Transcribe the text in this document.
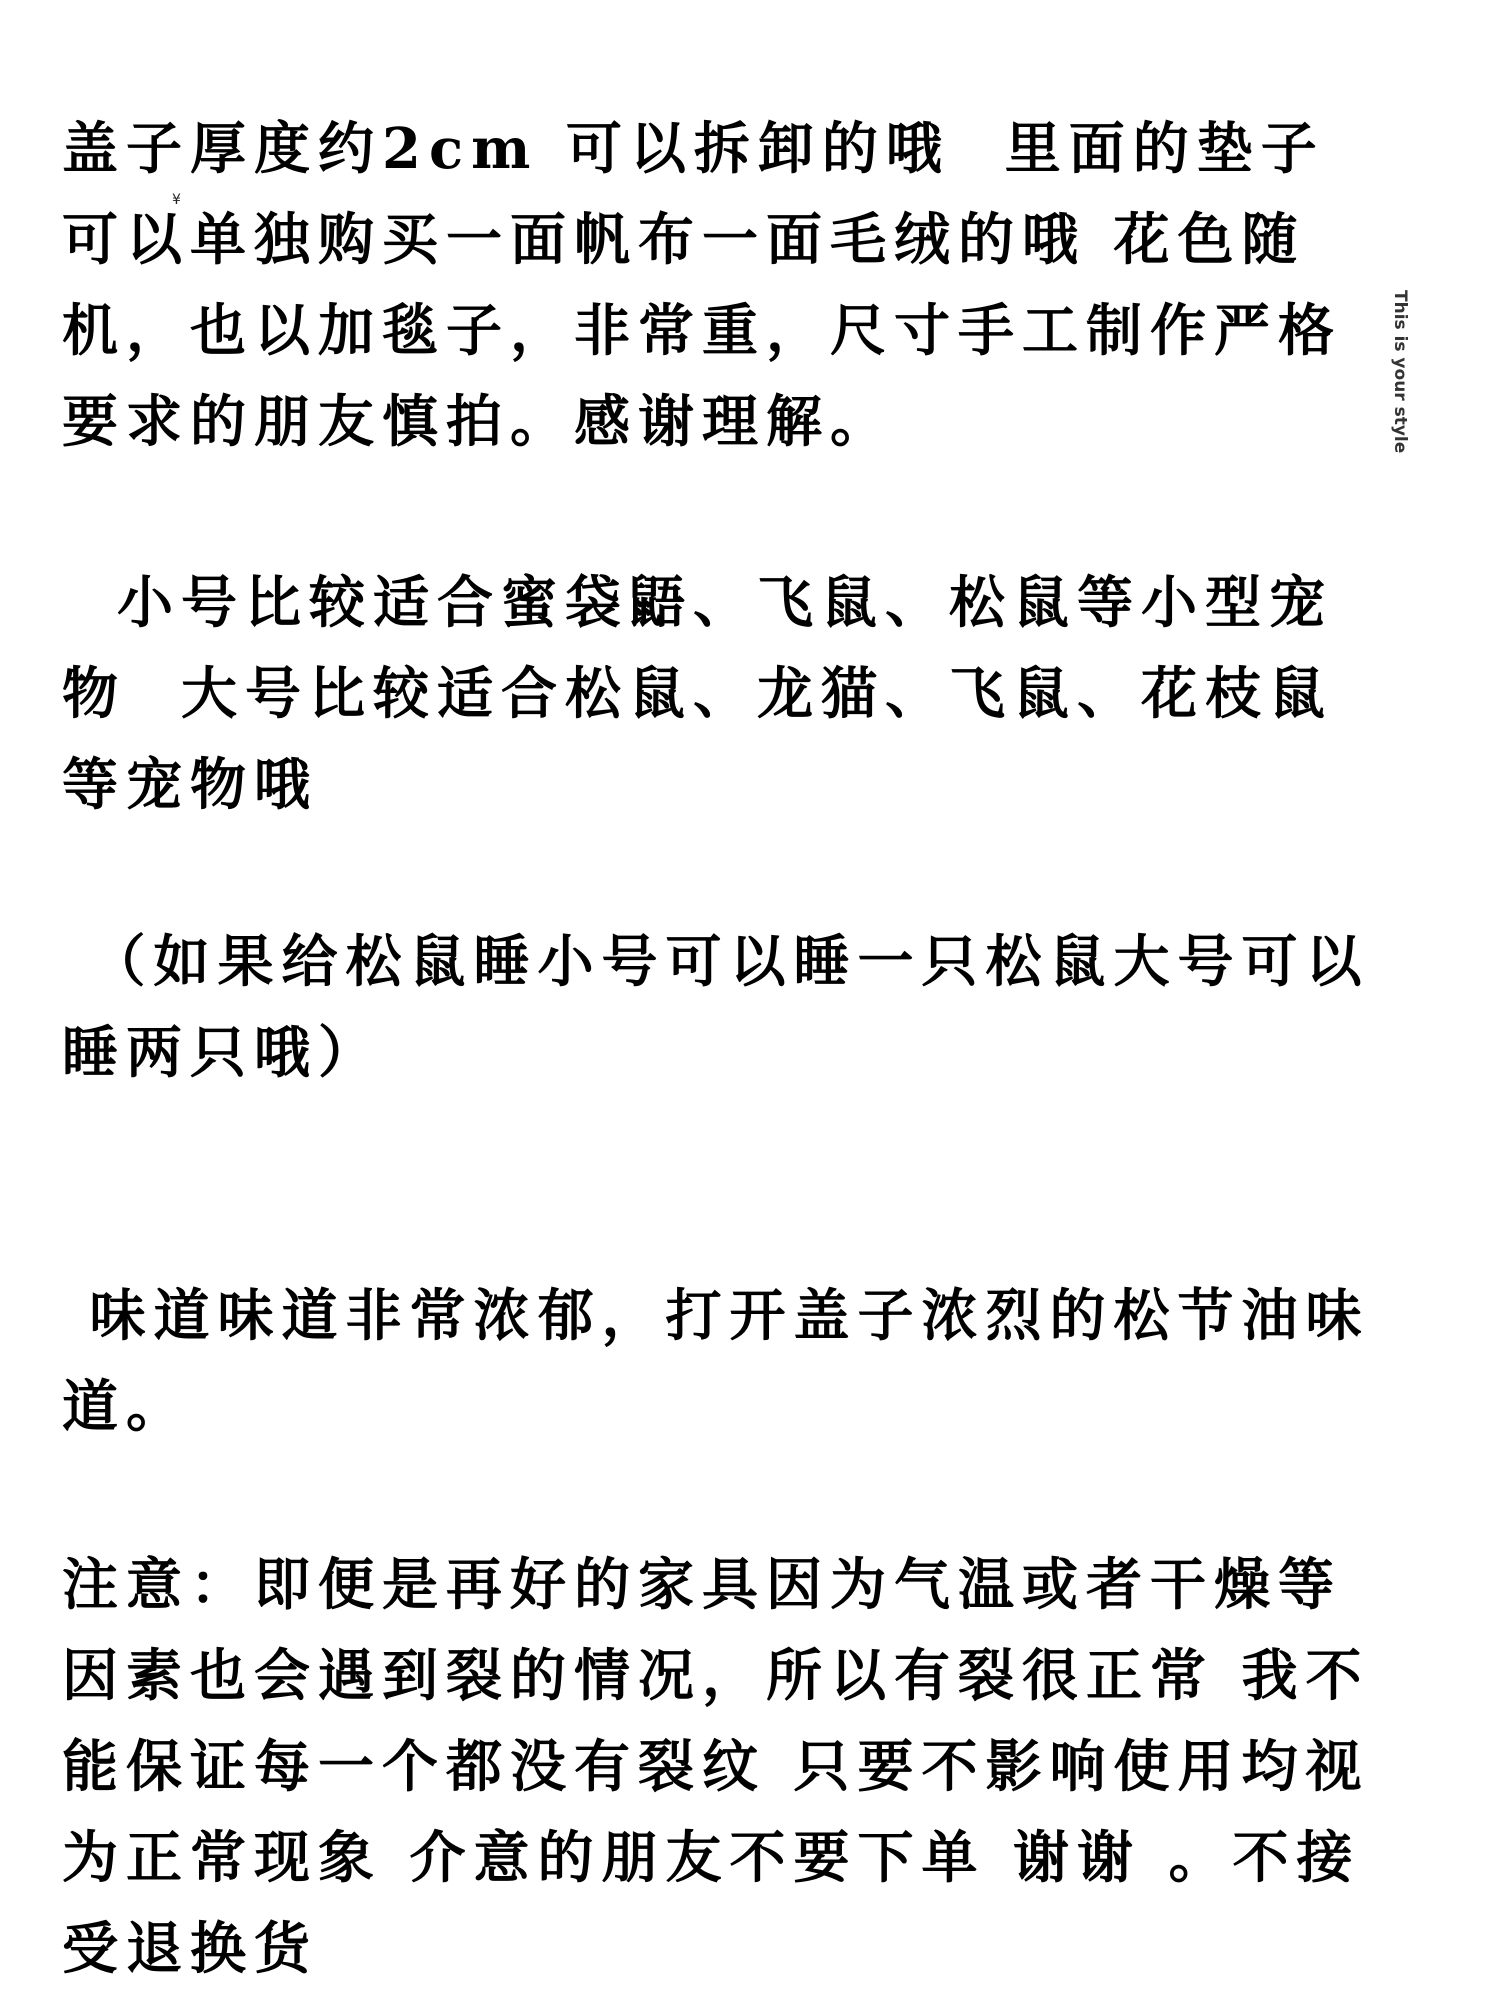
盖子厚度约2cm 可以拆卸的哦  里面的垫子可以单独购买一面帆布一面毛绒的哦 花色随机，也以加毯子，非常重，尺寸手工制作严格要求的朋友慎拍。感谢理解。

¥

小号比较适合蜜袋鼯、飞鼠、松鼠等小型宠物  大号比较适合松鼠、龙猫、飞鼠、花枝鼠等宠物哦

（如果给松鼠睡小号可以睡一只松鼠大号可以睡两只哦）

味道味道非常浓郁，打开盖子浓烈的松节油味道。

注意：即便是再好的家具因为气温或者干燥等因素也会遇到裂的情况，所以有裂很正常 我不能保证每一个都没有裂纹 只要不影响使用均视为正常现象 介意的朋友不要下单 谢谢 。不接受退换货

This is your style
